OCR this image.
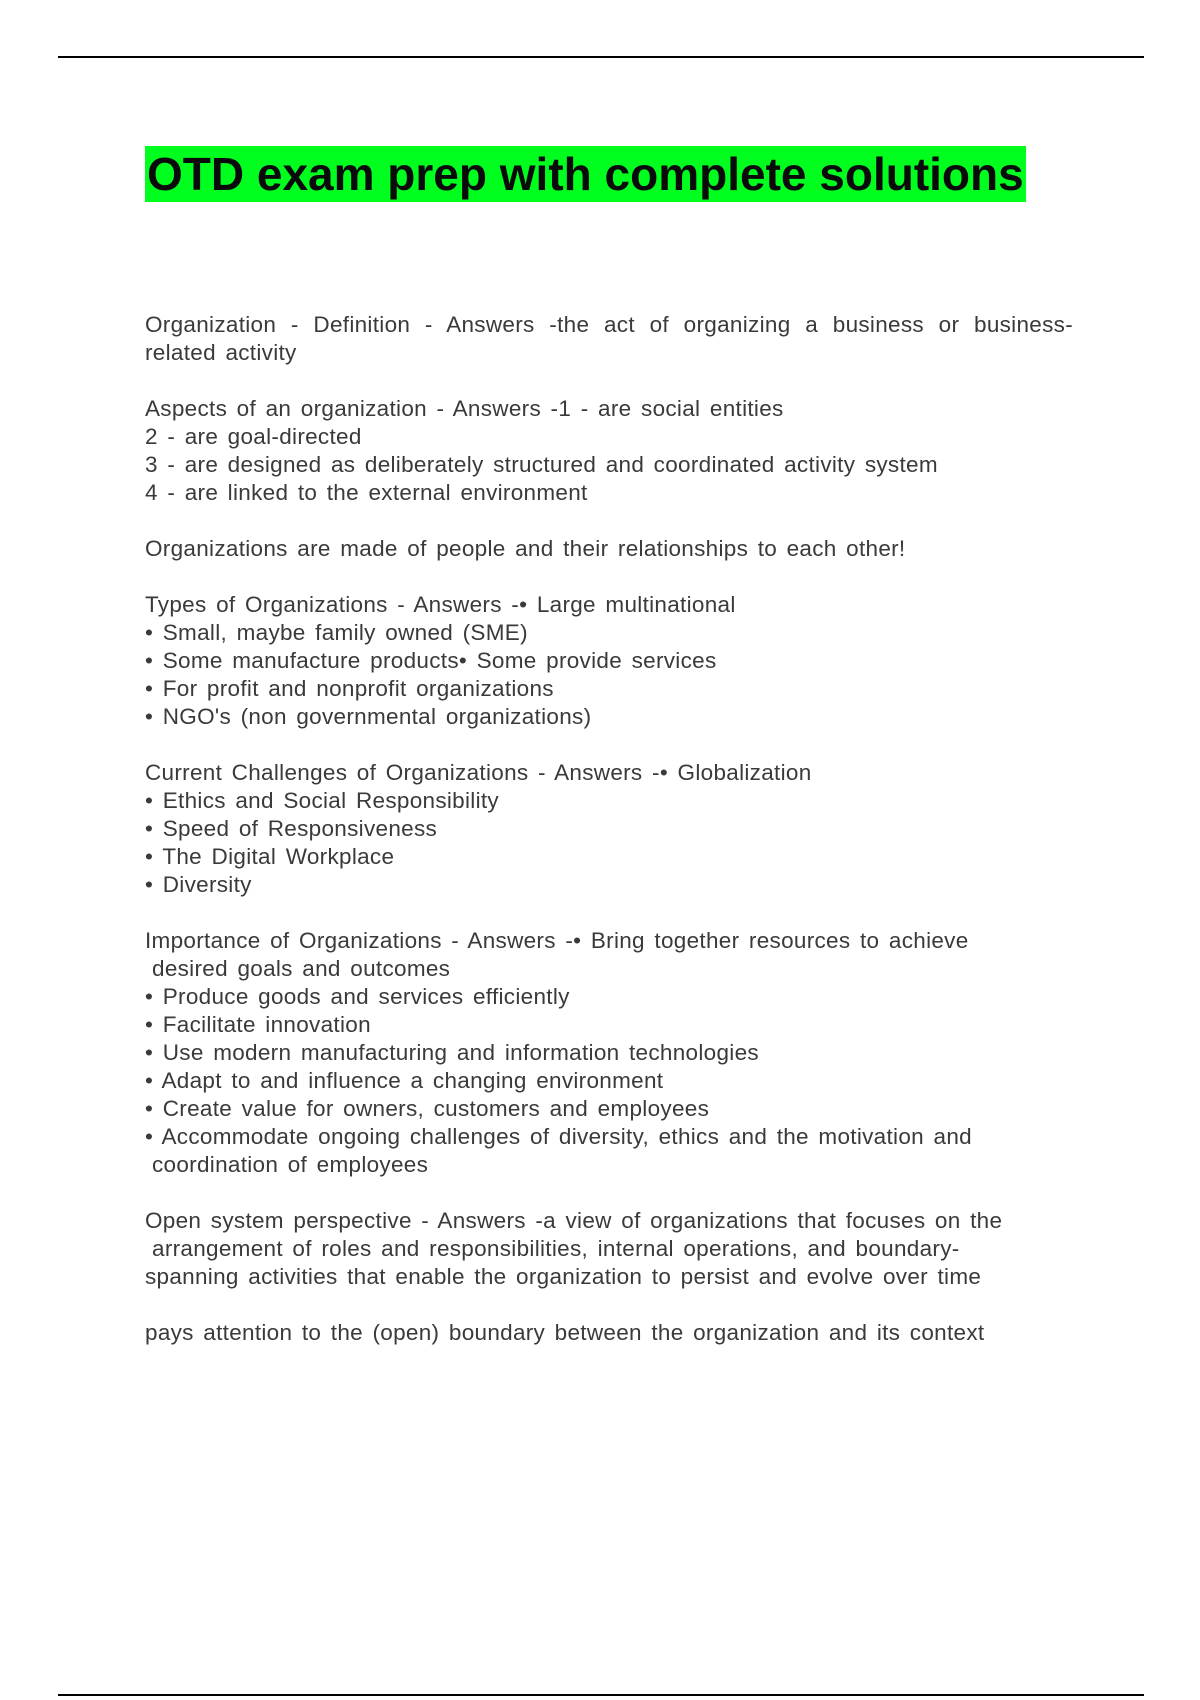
OTD exam prep with complete solutions
Organization - Definition - Answers -the act of organizing a business or business-
related activity
Aspects of an organization - Answers -1 - are social entities
2 - are goal-directed
3 - are designed as deliberately structured and coordinated activity system
4 - are linked to the external environment
Organizations are made of people and their relationships to each other!
Types of Organizations - Answers -• Large multinational
• Small, maybe family owned (SME)
• Some manufacture products• Some provide services
• For profit and nonprofit organizations
• NGO's (non governmental organizations)
Current Challenges of Organizations - Answers -• Globalization
• Ethics and Social Responsibility
• Speed of Responsiveness
• The Digital Workplace
• Diversity
Importance of Organizations - Answers -• Bring together resources to achieve
desired goals and outcomes
• Produce goods and services efficiently
• Facilitate innovation
• Use modern manufacturing and information technologies
• Adapt to and influence a changing environment
• Create value for owners, customers and employees
• Accommodate ongoing challenges of diversity, ethics and the motivation and
coordination of employees
Open system perspective - Answers -a view of organizations that focuses on the
arrangement of roles and responsibilities, internal operations, and boundary-
spanning activities that enable the organization to persist and evolve over time
pays attention to the (open) boundary between the organization and its context
